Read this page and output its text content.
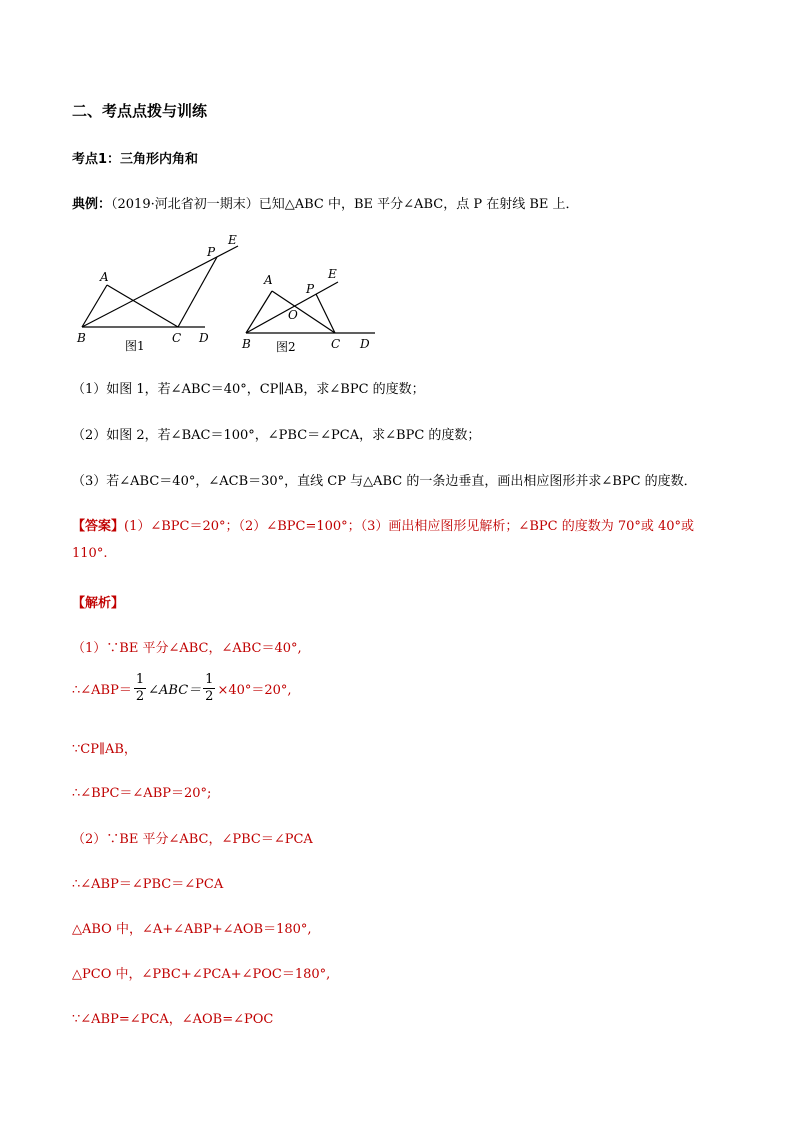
二、考点点拨与训练
考点1：三角形内角和
典例：（2019·河北省初一期末）已知△ABC 中，BE 平分∠ABC，点 P 在射线 BE 上．
A
B	C D
P
E
图1
A
B	C D
P
E
O
图2
（1）如图 1，若∠ABC＝40°，CP∥AB，求∠BPC 的度数；
（2）如图 2，若∠BAC＝100°，∠PBC＝∠PCA，求∠BPC 的度数；
（3）若∠ABC＝40°，∠ACB＝30°，直线 CP 与△ABC 的一条边垂直，画出相应图形并求∠BPC 的度数．
【答案】(1）∠BPC＝20°；（2）∠BPC=100°；（3）画出相应图形见解析；∠BPC 的度数为 70°或 40°或
110°.
【解析】
（1）∵BE 平分∠ABC，∠ABC＝40°,
∴∠ABP＝ $\frac{1}{2}$ ∠ABC＝ $\frac{1}{2} \times 40^\circ=20^\circ$,
∵CP∥AB，
∴∠BPC＝∠ABP＝20°;
（2）∵BE 平分∠ABC，∠PBC＝∠PCA
∴∠ABP＝∠PBC＝∠PCA
△ABO 中，∠A+∠ABP+∠AOB＝180°,
△PCO 中，∠PBC+∠PCA+∠POC＝180°,
∵∠ABP=∠PCA，∠AOB=∠POC
